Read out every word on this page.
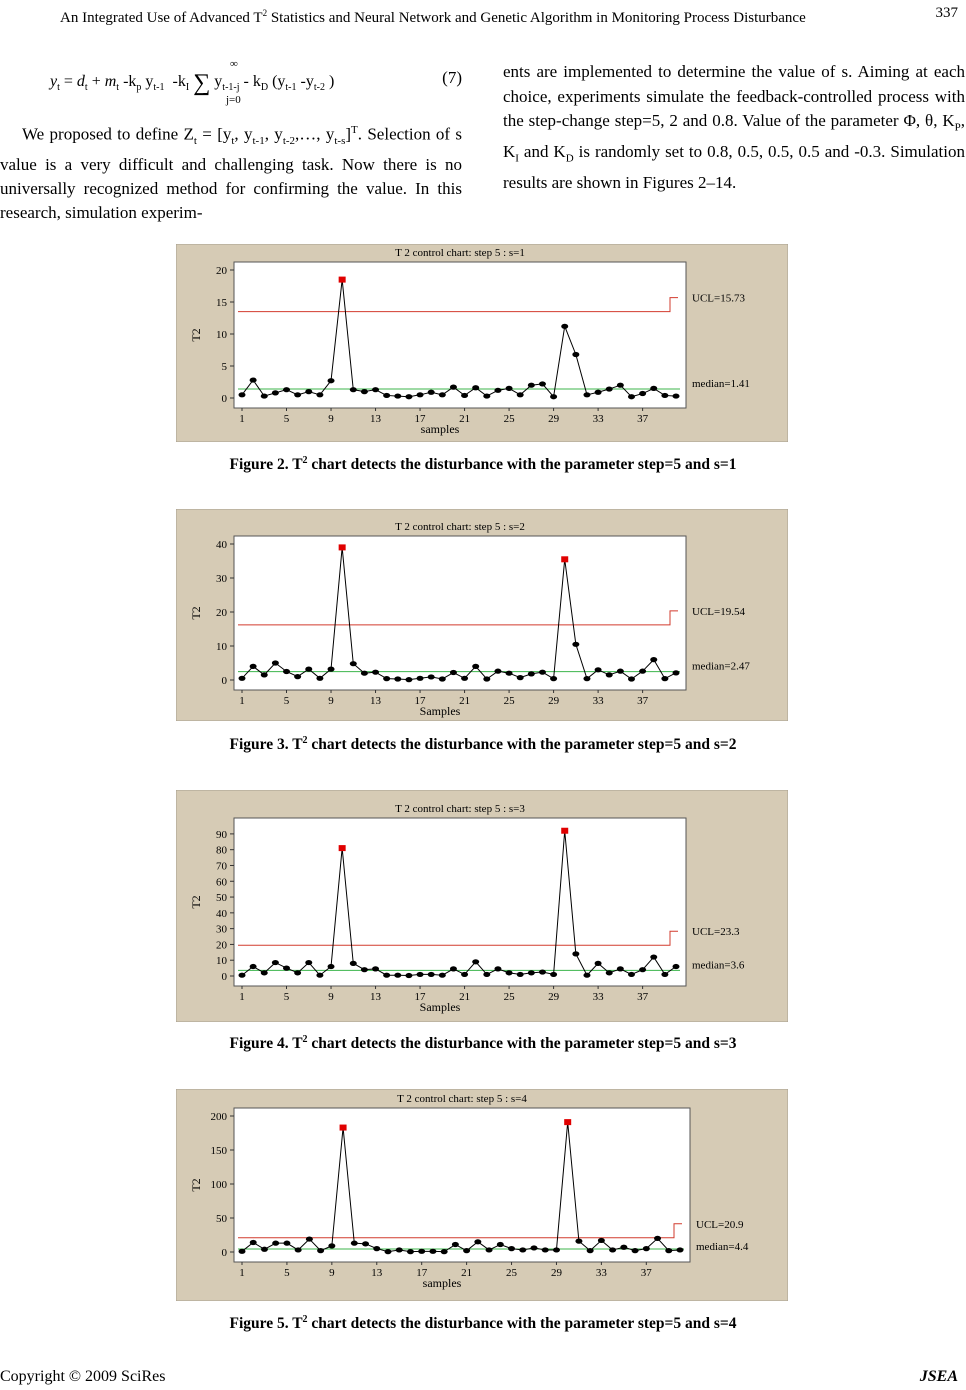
An Integrated Use of Advanced $T^2$ Statistics and Neural Network and Genetic Algorithm in Monitoring Process Disturbance	337
∞
$y_t = d_t + m_t$ $-k_p$ $y_{t-1}$  $-k_I$ ∑ $y_{t-1-j} - k_D$ ($y_{t-1}$ $-y_{t-2}$ )
j=0
(7)
We proposed to define $Z_t = [y_t$, $y_{t-1}$, $y_{t-2},\dots$, $y_{t-s}]^T$. Selection of s value is a very difficult and challenging task. Now there is no universally recognized method for confirming the value. In this research, simulation experim-
ents are implemented to determine the value of s. Aiming at each choice, experiments simulate the feedback-controlled process with the step-change step=5, 2 and 0.8. Value of the parameter Φ, θ, $K_P$, $K_I$ and $K_D$ is randomly set to 0.8, 0.5, 0.5, 0.5 and -0.3. Simulation results are shown in Figures 2–14.
T 2 control chart: step 5 : s=1
0
5
10
15
20
T2
1	5	9	13	17	21	25	29	33	37
samples
UCL=15.73
median=1.41
Figure 2. $T^2$ chart detects the disturbance with the parameter step=5 and s=1
T 2 control chart: step 5 : s=2
0
10
20
30
40
T2
1	5	9	13	17	21	25	29	33	37
Samples
UCL=19.54
median=2.47
Figure 3. $T^2$ chart detects the disturbance with the parameter step=5 and s=2
T 2 control chart: step 5 : s=3
0
10
20
30
40
50
60
70
80
90
T2
1	5	9	13	17	21	25	29	33	37
Samples
UCL=23.3
median=3.6
Figure 4. $T^2$ chart detects the disturbance with the parameter step=5 and s=3
T 2 control chart: step 5 : s=4
0
50
100
150
200
T2
1	5	9	13	17	21	25	29	33	37
samples
UCL=20.9
median=4.4
Figure 5. $T^2$ chart detects the disturbance with the parameter step=5 and s=4
Copyright © 2009 SciRes	JSEA
